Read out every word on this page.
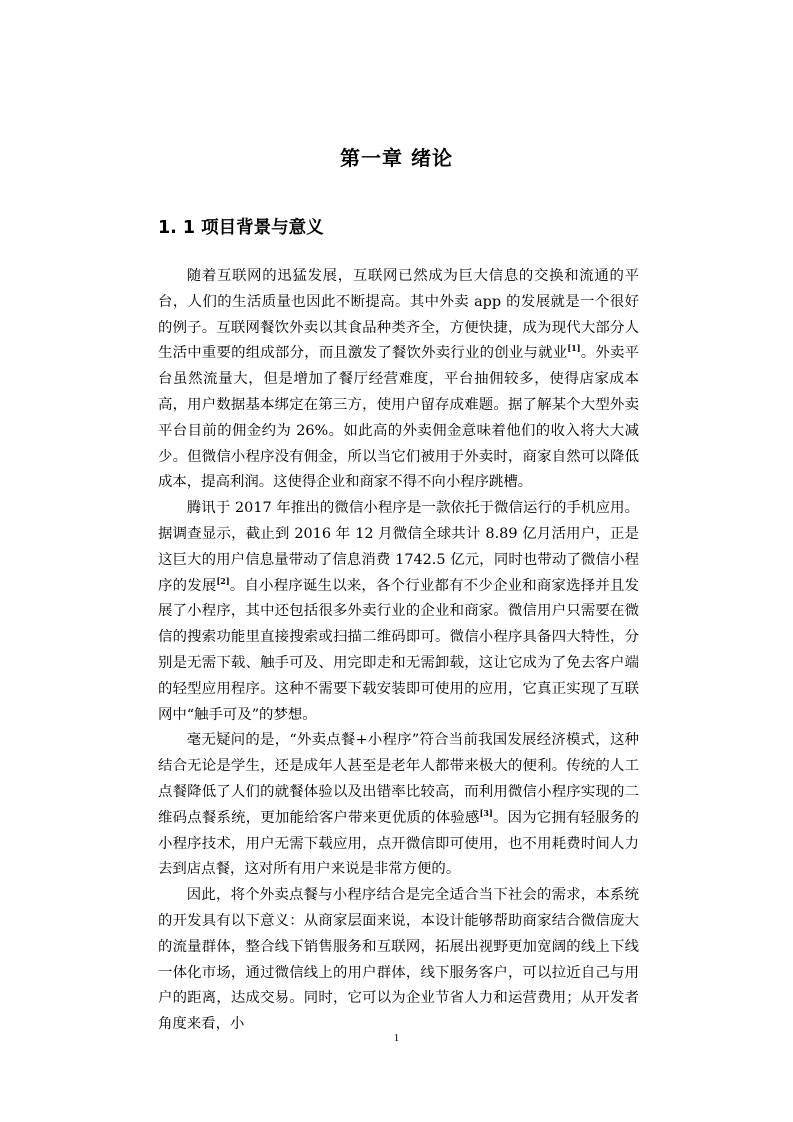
第一章 绪论
1. 1 项目背景与意义

随着互联网的迅猛发展，互联网已然成为巨大信息的交换和流通的平台，人们的生活质量也因此不断提高。其中外卖 app 的发展就是一个很好的例子。互联网餐饮外卖以其食品种类齐全，方便快捷，成为现代大部分人生活中重要的组成部分，而且激发了餐饮外卖行业的创业与就业[1]。外卖平台虽然流量大，但是增加了餐厅经营难度，平台抽佣较多，使得店家成本高，用户数据基本绑定在第三方，使用户留存成难题。据了解某个大型外卖平台目前的佣金约为 26%。如此高的外卖佣金意味着他们的收入将大大减少。但微信小程序没有佣金，所以当它们被用于外卖时，商家自然可以降低成本，提高利润。这使得企业和商家不得不向小程序跳槽。

腾讯于 2017 年推出的微信小程序是一款依托于微信运行的手机应用。据调查显示，截止到 2016 年 12 月微信全球共计 8.89 亿月活用户，正是这巨大的用户信息量带动了信息消费 1742.5 亿元，同时也带动了微信小程序的发展[2]。自小程序诞生以来，各个行业都有不少企业和商家选择并且发展了小程序，其中还包括很多外卖行业的企业和商家。微信用户只需要在微信的搜索功能里直接搜索或扫描二维码即可。微信小程序具备四大特性，分别是无需下载、触手可及、用完即走和无需卸载，这让它成为了免去客户端的轻型应用程序。这种不需要下载安装即可使用的应用，它真正实现了互联网中“触手可及”的梦想。

毫无疑问的是，“外卖点餐+小程序”符合当前我国发展经济模式，这种结合无论是学生，还是成年人甚至是老年人都带来极大的便利。传统的人工点餐降低了人们的就餐体验以及出错率比较高，而利用微信小程序实现的二维码点餐系统，更加能给客户带来更优质的体验感[3]。因为它拥有轻服务的小程序技术，用户无需下载应用，点开微信即可使用，也不用耗费时间人力去到店点餐，这对所有用户来说是非常方便的。

因此，将个外卖点餐与小程序结合是完全适合当下社会的需求，本系统的开发具有以下意义：从商家层面来说，本设计能够帮助商家结合微信庞大的流量群体，整合线下销售服务和互联网，拓展出视野更加宽阔的线上下线一体化市场，通过微信线上的用户群体，线下服务客户，可以拉近自己与用户的距离，达成交易。同时，它可以为企业节省人力和运营费用；从开发者角度来看，小

1
